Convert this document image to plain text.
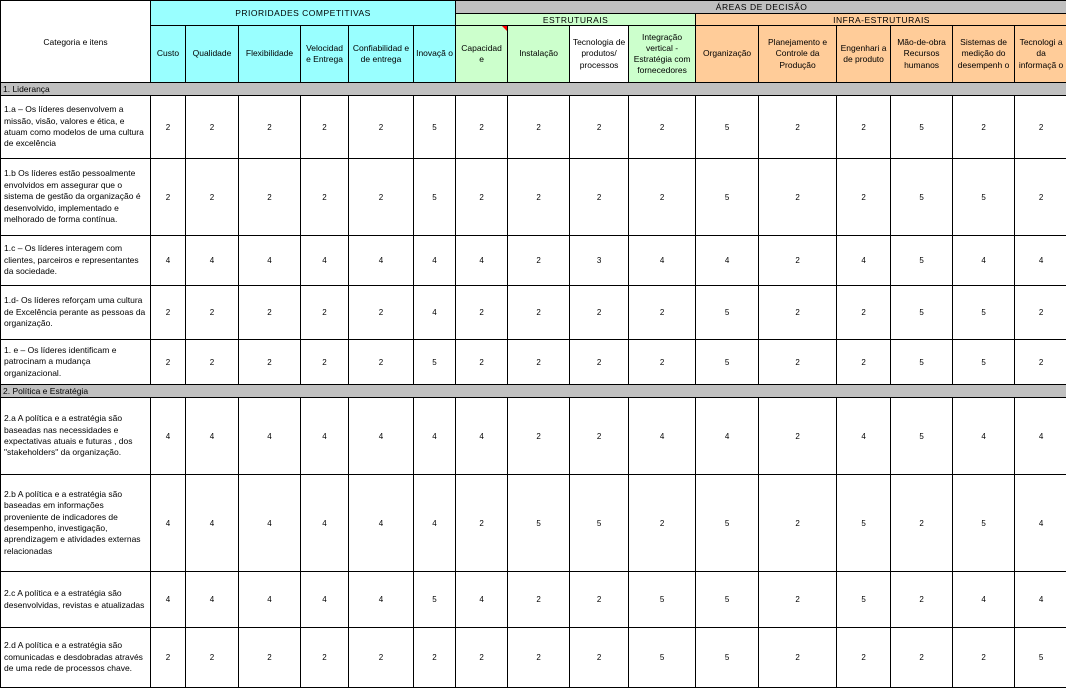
Categoria e itens	PRIORIDADES COMPETITIVAS						ÁREAS DE DECISÃO									
							ESTRUTURAIS				INFRA-ESTRUTURAIS					
	Custo	Qualidade	Flexibilidade	Velocidad e Entrega	Confiabilidad e de entrega	Inovaçã o	Capacidad e	Instalação	Tecnologia de produtos/ processos	Integração vertical - Estratégia com fornecedores	Organização	Planejamento e Controle da Produção	Engenhari a de produto	Mão-de-obra Recursos humanos	Sistemas de medição do desempenh o	Tecnologi a da informaçã o
1. Liderança																
1.a – Os líderes desenvolvem a missão, visão, valores e ética, e atuam como modelos de uma cultura de excelência	2	2	2	2	2	5	2	2	2	2	5	2	2	5	2	2
1.b Os líderes estão pessoalmente envolvidos em assegurar que o sistema de gestão da organização é desenvolvido, implementado e melhorado de forma contínua.	2	2	2	2	2	5	2	2	2	2	5	2	2	5	5	2
1.c – Os líderes interagem com clientes, parceiros e representantes da sociedade.	4	4	4	4	4	4	4	2	3	4	4	2	4	5	4	4
1.d- Os líderes reforçam uma cultura de Excelência perante as pessoas da organização.	2	2	2	2	2	4	2	2	2	2	5	2	2	5	5	2
1. e – Os líderes identificam e patrocinam a mudança organizacional.	2	2	2	2	2	5	2	2	2	2	5	2	2	5	5	2
2. Política e Estratégia																
2.a A política e a estratégia são baseadas nas necessidades e expectativas atuais e futuras , dos "stakeholders" da organização.	4	4	4	4	4	4	4	2	2	4	4	2	4	5	4	4
2.b A política e a estratégia são baseadas em informações proveniente de indicadores de desempenho, investigação, aprendizagem e atividades externas relacionadas	4	4	4	4	4	4	2	5	5	2	5	2	5	2	5	4
2.c A política e a estratégia são desenvolvidas, revistas e atualizadas	4	4	4	4	4	5	4	2	2	5	5	2	5	2	4	4
2.d A política e a estratégia são comunicadas e desdobradas através de uma rede de processos chave.	2	2	2	2	2	2	2	2	2	5	5	2	2	2	2	5
